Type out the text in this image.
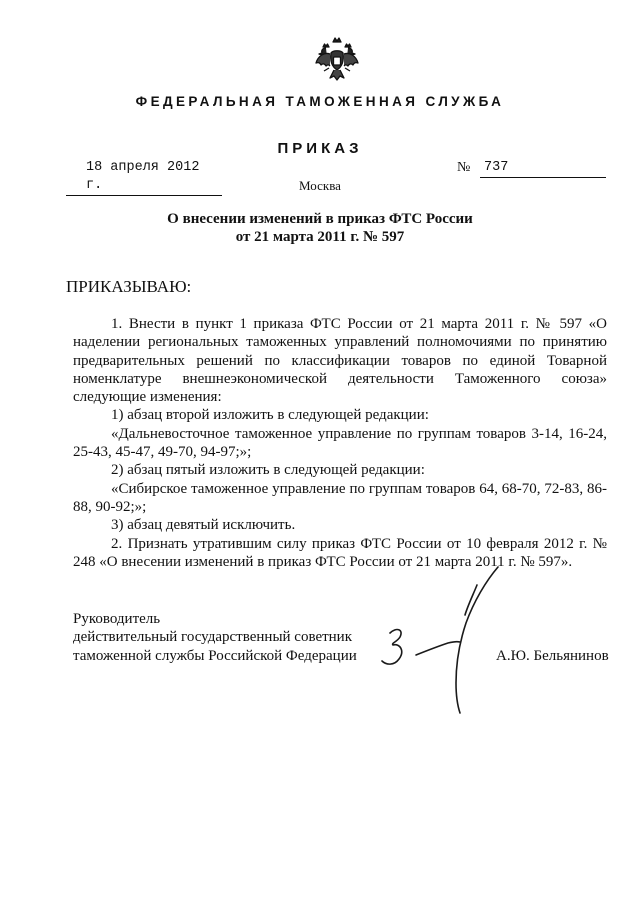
ФЕДЕРАЛЬНАЯ ТАМОЖЕННАЯ СЛУЖБА
ПРИКАЗ
18 апреля 2012 г.
№ 737
Москва
О внесении изменений в приказ ФТС России
от 21 марта 2011 г. № 597
ПРИКАЗЫВАЮ:

1. Внести в пункт 1 приказа ФТС России от 21 марта 2011 г. № 597 «О наделении региональных таможенных управлений полномочиями по принятию предварительных решений по классификации товаров по единой Товарной номенклатуре внешнеэкономической деятельности Таможенного союза» следующие изменения:

1) абзац второй изложить в следующей редакции:

«Дальневосточное таможенное управление по группам товаров 3-14, 16-24, 25-43, 45-47, 49-70, 94-97;»;

2) абзац пятый изложить в следующей редакции:

«Сибирское таможенное управление по группам товаров 64, 68-70, 72-83, 86-88, 90-92;»;

3) абзац девятый исключить.

2. Признать утратившим силу приказ ФТС России от 10 февраля 2012 г. № 248 «О внесении изменений в приказ ФТС России от 21 марта 2011 г. № 597».

Руководитель
действительный государственный советник
таможенной службы Российской Федерации	А.Ю. Бельянинов
